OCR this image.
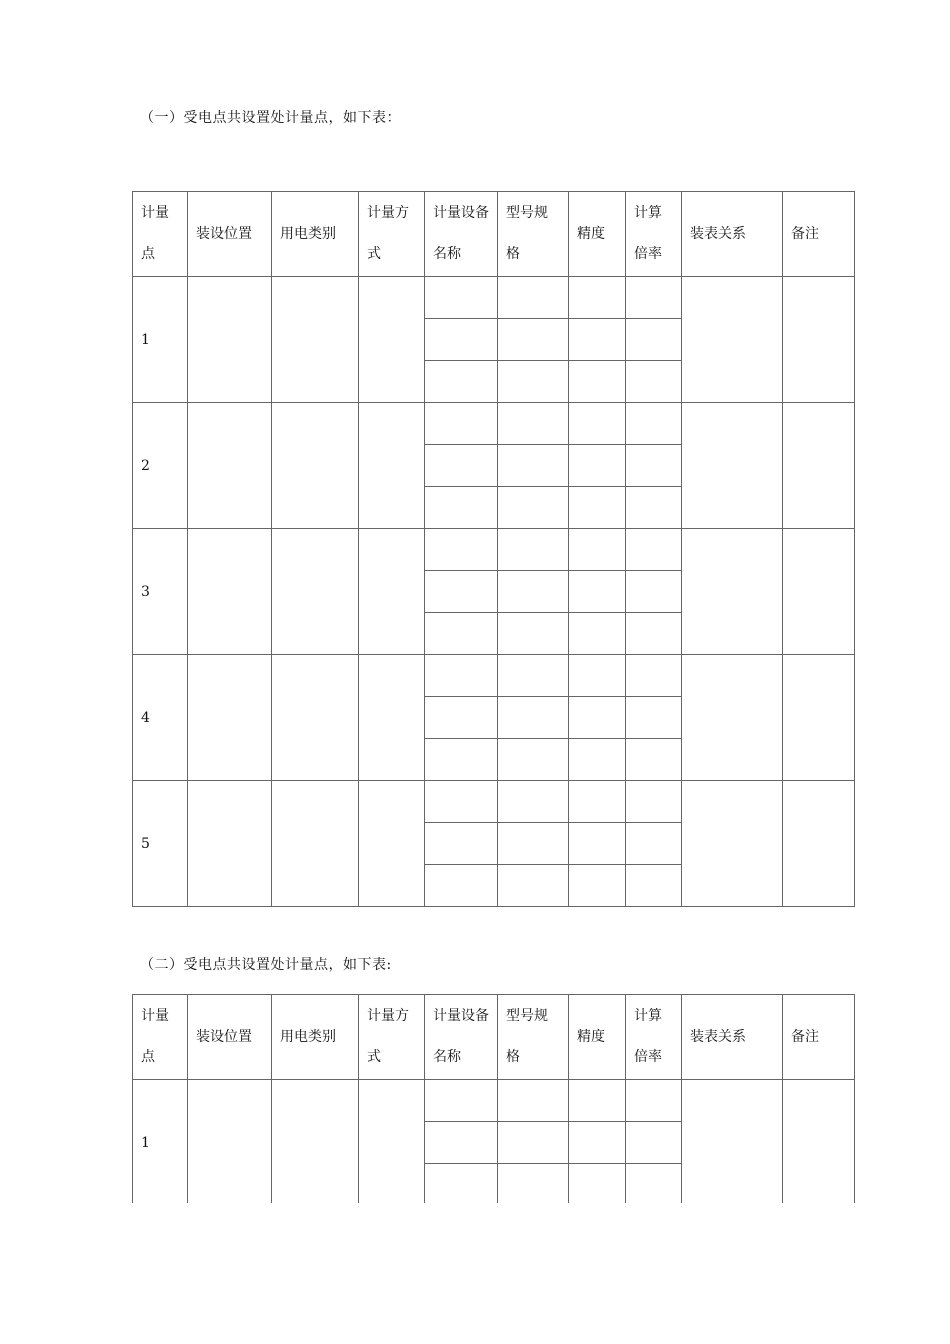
（一）受电点共设置处计量点，如下表：
计量点	装设位置	用电类别	计量方式	计量设备名称	型号规格	精度	计算倍率	装表关系	备注
1									

2									

3									

4									

5									

（二）受电点共设置处计量点，如下表:
计量点	装设位置	用电类别	计量方式	计量设备名称	型号规格	精度	计算倍率	装表关系	备注
1									
